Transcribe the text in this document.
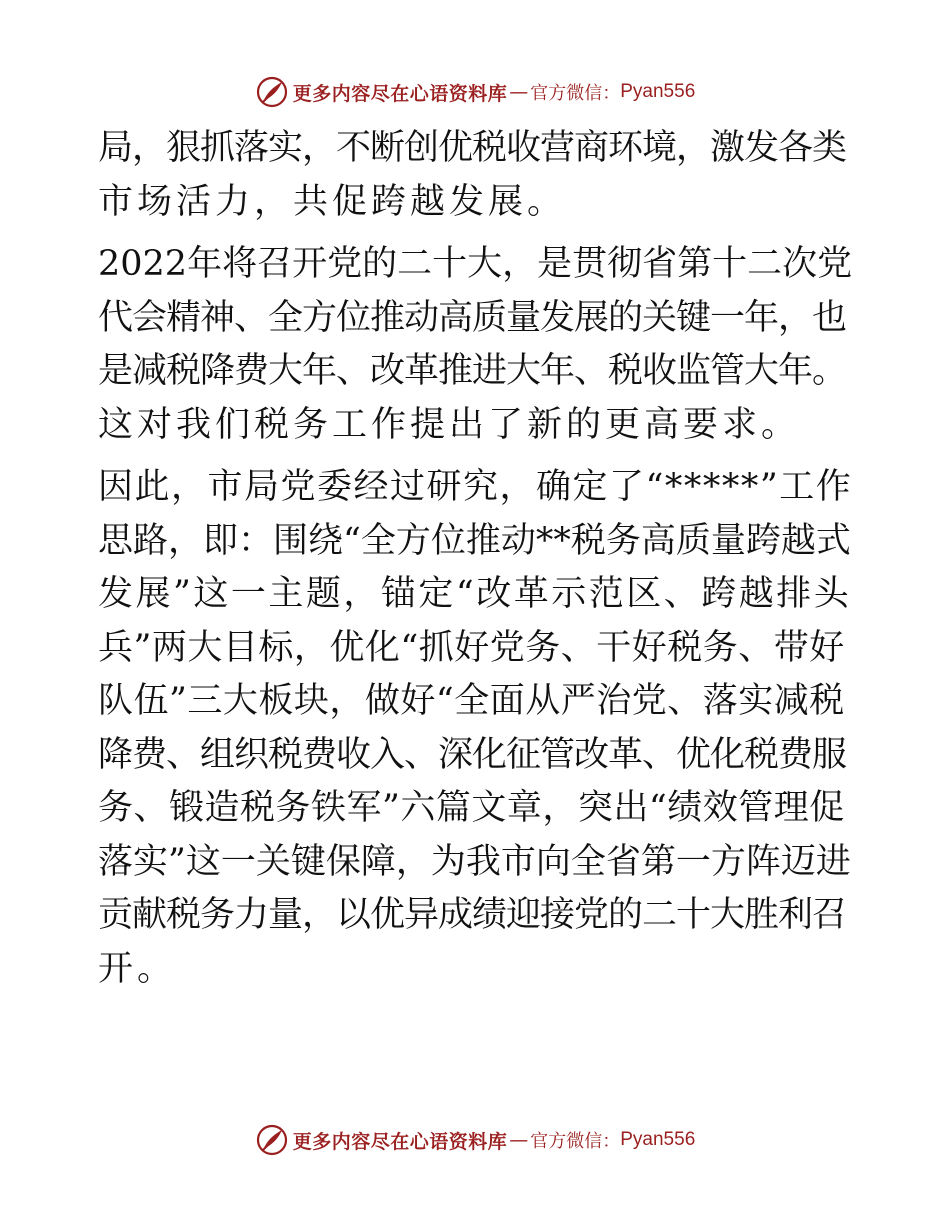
更多内容尽在心语资料库 — 官方微信： Pyan556

局，狠抓落实，不断创优税收营商环境，激发各类
市场活力，共促跨越发展。

2022年将召开党的二十大，是贯彻省第十二次党
代会精神、全方位推动高质量发展的关键一年，也
是减税降费大年、改革推进大年、税收监管大年。
这对我们税务工作提出了新的更高要求。

因此，市局党委经过研究，确定了“*****”工作
思路，即：围绕“全方位推动**税务高质量跨越式
发展”这一主题，锚定“改革示范区、跨越排头
兵”两大目标，优化“抓好党务、干好税务、带好
队伍”三大板块，做好“全面从严治党、落实减税
降费、组织税费收入、深化征管改革、优化税费服
务、锻造税务铁军”六篇文章，突出“绩效管理促
落实”这一关键保障，为我市向全省第一方阵迈进
贡献税务力量，以优异成绩迎接党的二十大胜利召
开。

更多内容尽在心语资料库 — 官方微信： Pyan556
